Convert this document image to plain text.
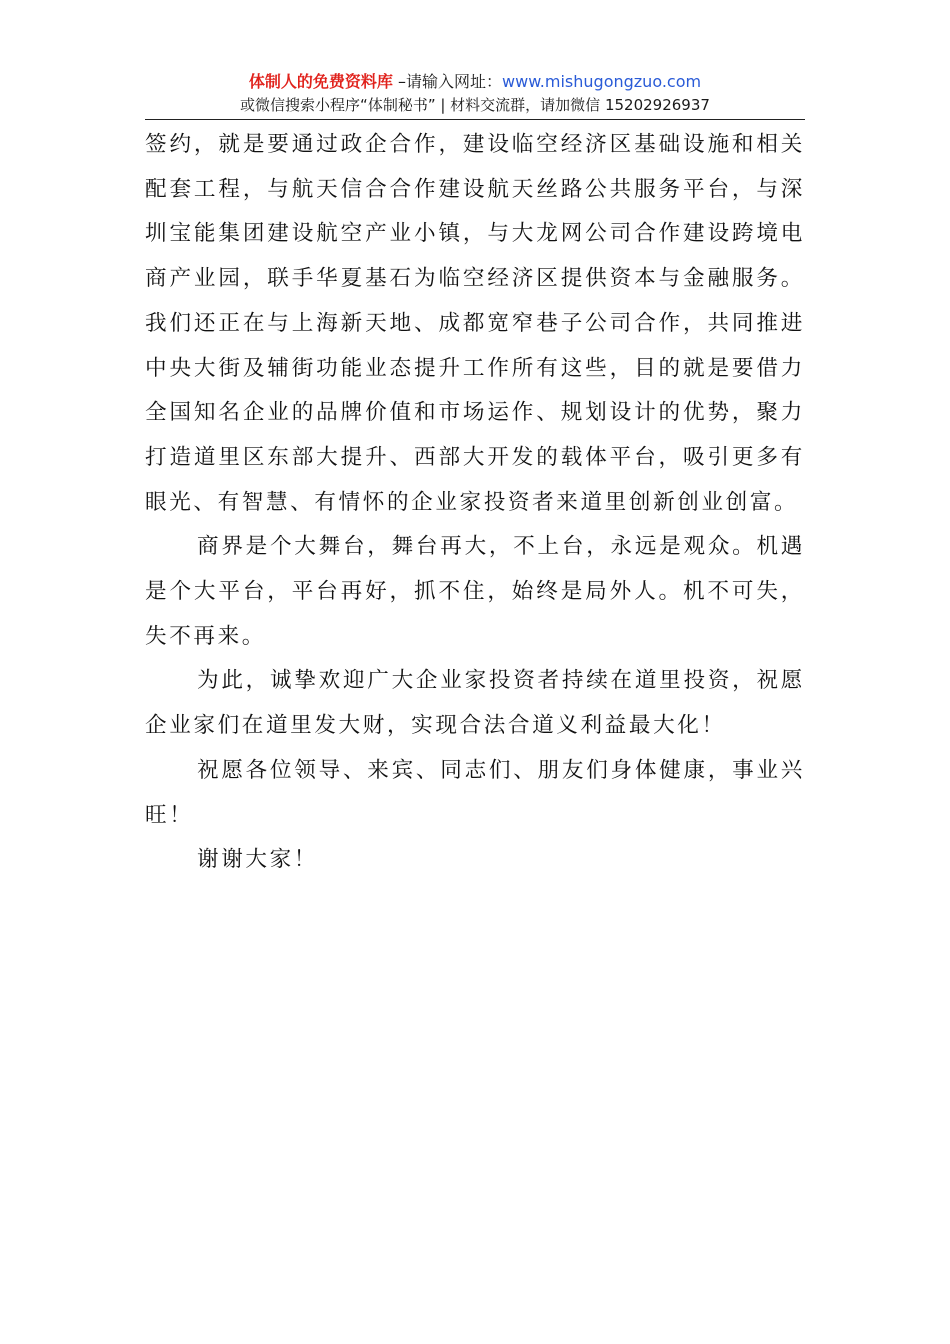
体制人的免费资料库 –请输入网址：www.mishugongzuo.com
或微信搜索小程序“体制秘书” | 材料交流群，请加微信 15202926937

签约，就是要通过政企合作，建设临空经济区基础设施和相关配套工程，与航天信合合作建设航天丝路公共服务平台，与深圳宝能集团建设航空产业小镇，与大龙网公司合作建设跨境电商产业园，联手华夏基石为临空经济区提供资本与金融服务。我们还正在与上海新天地、成都宽窄巷子公司合作，共同推进中央大街及辅街功能业态提升工作所有这些，目的就是要借力全国知名企业的品牌价值和市场运作、规划设计的优势，聚力打造道里区东部大提升、西部大开发的载体平台，吸引更多有眼光、有智慧、有情怀的企业家投资者来道里创新创业创富。

商界是个大舞台，舞台再大，不上台，永远是观众。机遇是个大平台，平台再好，抓不住，始终是局外人。机不可失，失不再来。

为此，诚挚欢迎广大企业家投资者持续在道里投资，祝愿企业家们在道里发大财，实现合法合道义利益最大化！

祝愿各位领导、来宾、同志们、朋友们身体健康，事业兴旺！

谢谢大家！
